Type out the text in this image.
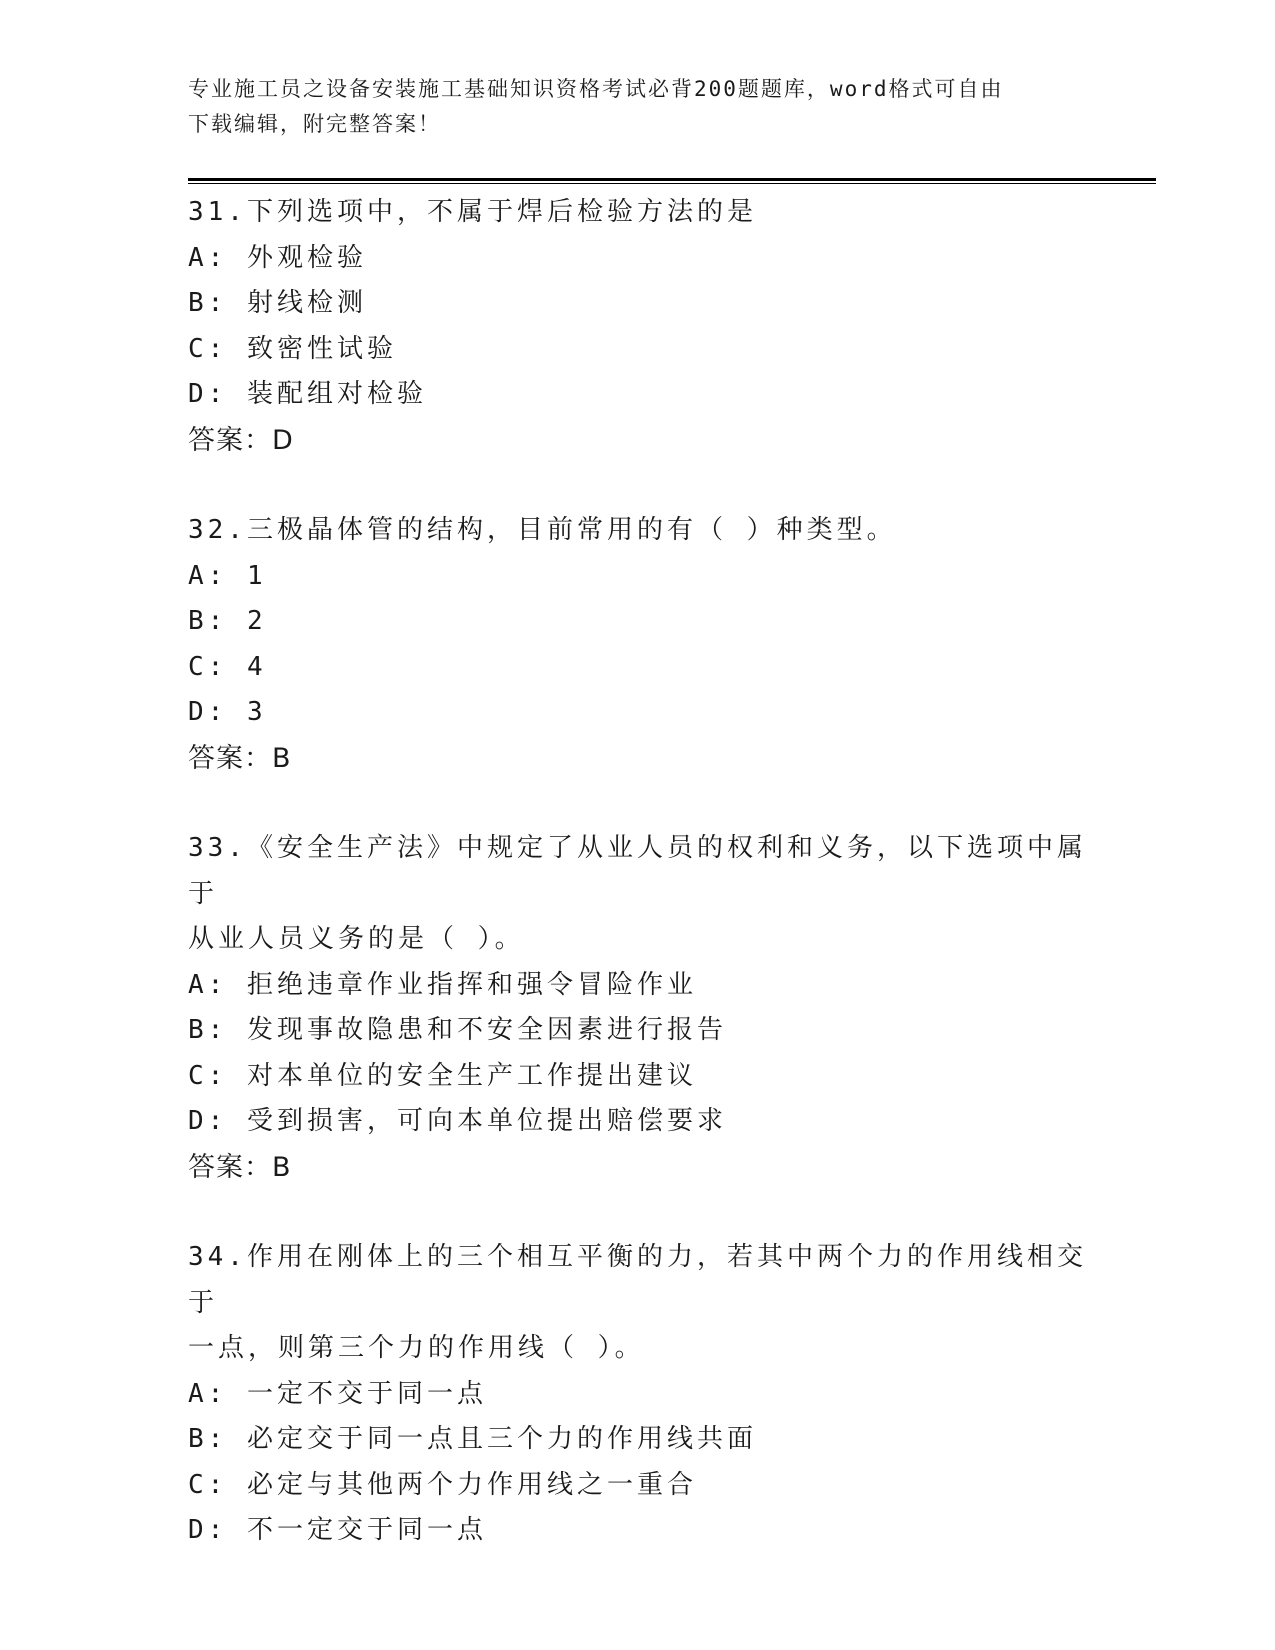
专业施工员之设备安装施工基础知识资格考试必背200题题库，word格式可自由
下载编辑，附完整答案！
31.下列选项中，不属于焊后检验方法的是
A: 外观检验
B: 射线检测
C: 致密性试验
D: 装配组对检验
答案：D
32.三极晶体管的结构，目前常用的有（ ）种类型。
A: 1
B: 2
C: 4
D: 3
答案：B
33.《安全生产法》中规定了从业人员的权利和义务，以下选项中属于
从业人员义务的是（ ）。
A: 拒绝违章作业指挥和强令冒险作业
B: 发现事故隐患和不安全因素进行报告
C: 对本单位的安全生产工作提出建议
D: 受到损害，可向本单位提出赔偿要求
答案：B
34.作用在刚体上的三个相互平衡的力，若其中两个力的作用线相交于
一点，则第三个力的作用线（ ）。
A: 一定不交于同一点
B: 必定交于同一点且三个力的作用线共面
C: 必定与其他两个力作用线之一重合
D: 不一定交于同一点
